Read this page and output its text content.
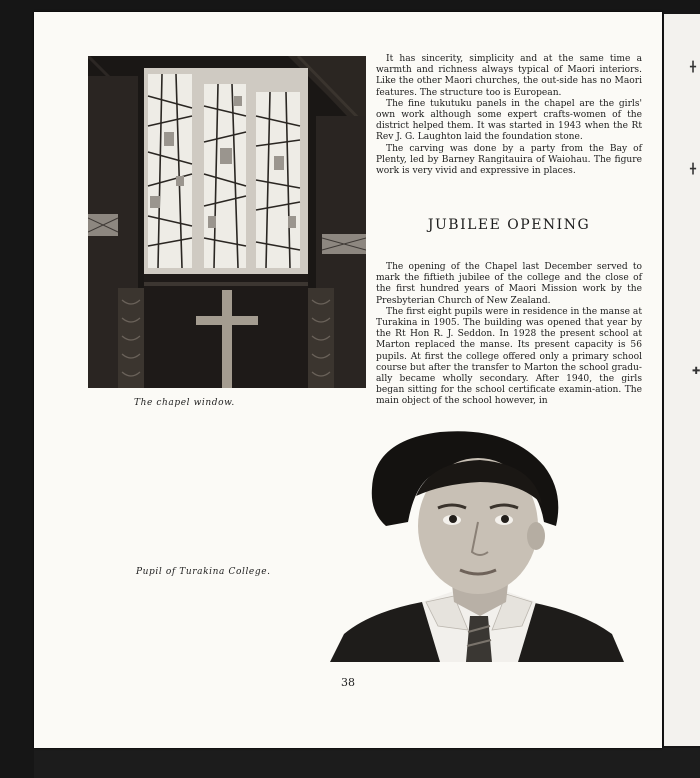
╋
╋
✚
The chapel window.

It has sincerity, simplicity and at the same time a warmth and richness always typical of Maori interiors. Like the other Maori churches, the out-side has no Maori features. The structure too is European.

The fine tukutuku panels in the chapel are the girls' own work although some expert crafts-women of the district helped them. It was started in 1943 when the Rt Rev J. G. Laughton laid the foundation stone.

The carving was done by a party from the Bay of Plenty, led by Barney Rangitauira of Waiohau. The figure work is very vivid and expressive in places.

JUBILEE OPENING

The opening of the Chapel last December served to mark the fiftieth jubilee of the college and the close of the first hundred years of Maori Mission work by the Presbyterian Church of New Zealand.

The first eight pupils were in residence in the manse at Turakina in 1905. The building was opened that year by the Rt Hon R. J. Seddon. In 1928 the present school at Marton replaced the manse. Its present capacity is 56 pupils. At first the college offered only a primary school course but after the transfer to Marton the school gradu-ally became wholly secondary. After 1940, the girls began sitting for the school certificate examin-ation. The main object of the school however, in

Pupil of Turakina College.
38
